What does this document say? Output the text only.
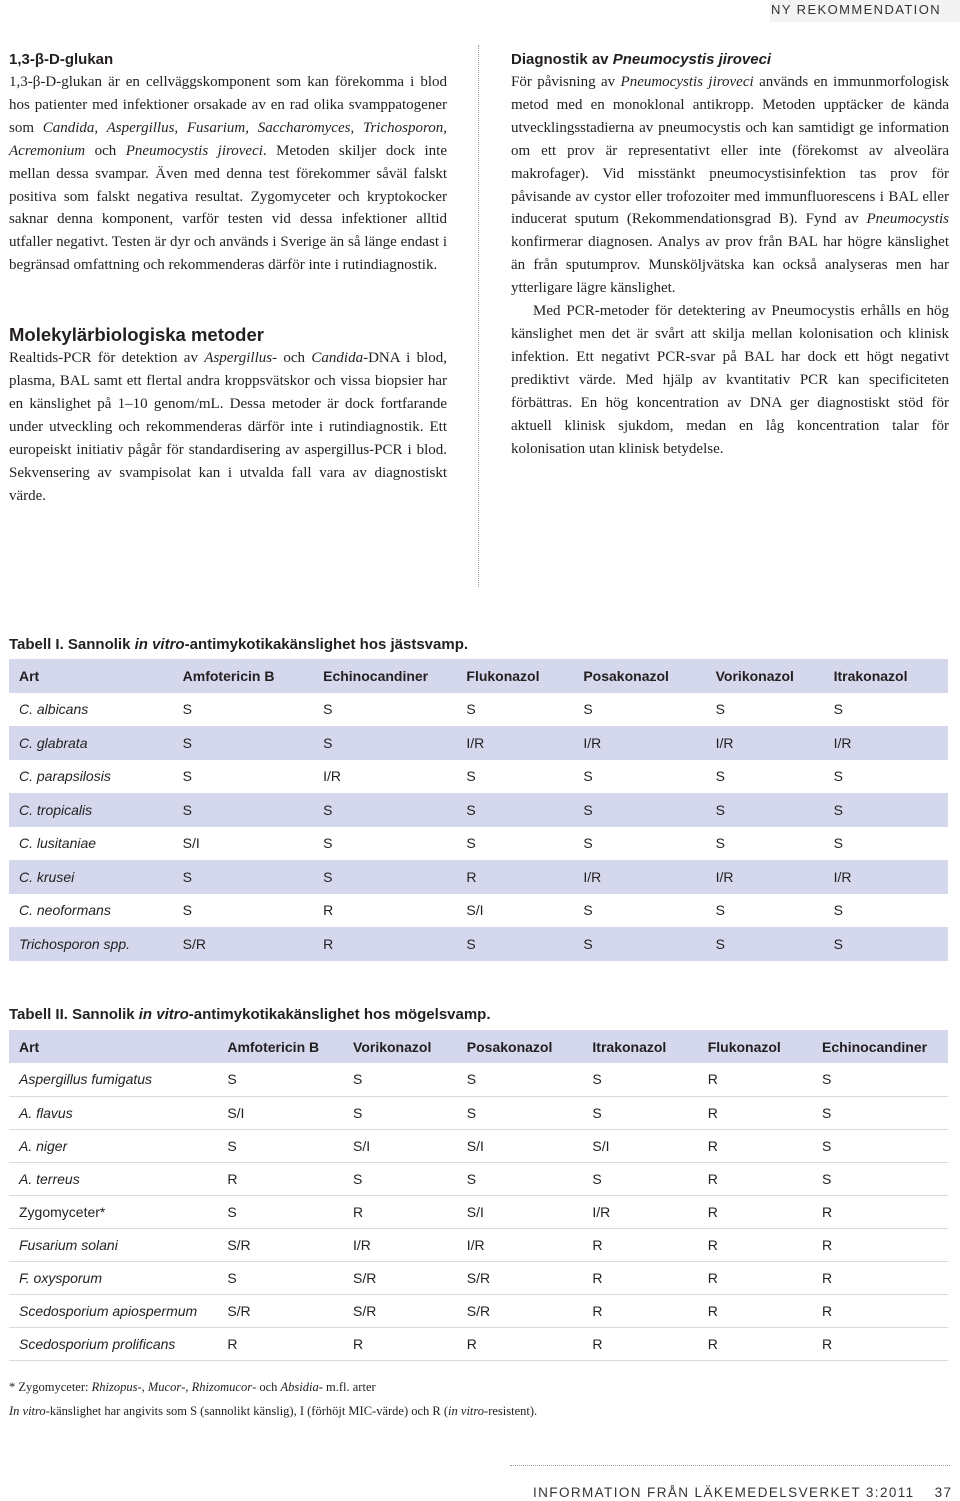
NY REKOMMENDATION
1,3-β-D-glukan

1,3-β-D-glukan är en cellväggskomponent som kan förekomma i blod hos patienter med infektioner orsakade av en rad olika svamppatogener som Candida, Aspergillus, Fusarium, Saccharomyces, Trichosporon, Acremonium och Pneumocystis jiroveci. Metoden skiljer dock inte mellan dessa svampar. Även med denna test förekommer såväl falskt positiva som falskt negativa resultat. Zygomyceter och kryptokocker saknar denna komponent, varför testen vid dessa infektioner alltid utfaller negativt. Testen är dyr och används i Sverige än så länge endast i begränsad omfattning och rekommenderas därför inte i rutindiagnostik.

Molekylärbiologiska metoder

Realtids-PCR för detektion av Aspergillus- och Candida-DNA i blod, plasma, BAL samt ett flertal andra kroppsvätskor och vissa biopsier har en känslighet på 1–10 genom/mL. Dessa metoder är dock fortfarande under utveckling och rekommenderas därför inte i rutindiagnostik. Ett europeiskt initiativ pågår för standardisering av aspergillus-PCR i blod. Sekvensering av svampisolat kan i utvalda fall vara av diagnostiskt värde.

Diagnostik av Pneumocystis jiroveci

För påvisning av Pneumocystis jiroveci används en immunmorfologisk metod med en monoklonal antikropp. Metoden upptäcker de kända utvecklingsstadierna av pneumocystis och kan samtidigt ge information om ett prov är representativt eller inte (förekomst av alveolära makrofager). Vid misstänkt pneumocystisinfektion tas prov för påvisande av cystor eller trofozoiter med immunfluorescens i BAL eller inducerat sputum (Rekommendationsgrad B). Fynd av Pneumocystis konfirmerar diagnosen. Analys av prov från BAL har högre känslighet än från sputumprov. Munsköljvätska kan också analyseras men har ytterligare lägre känslighet.

Med PCR-metoder för detektering av Pneumocystis erhålls en hög känslighet men det är svårt att skilja mellan kolonisation och klinisk infektion. Ett negativt PCR-svar på BAL har dock ett högt negativt prediktivt värde. Med hjälp av kvantitativ PCR kan specificiteten förbättras. En hög koncentration av DNA ger diagnostiskt stöd för aktuell klinisk sjukdom, medan en låg koncentration talar för kolonisation utan klinisk betydelse.

Tabell I. Sannolik in vitro-antimykotikakänslighet hos jästsvamp.
Art	Amfotericin B	Echinocandiner	Flukonazol	Posakonazol	Vorikonazol	Itrakonazol
C. albicans	S	S	S	S	S	S
C. glabrata	S	S	I/R	I/R	I/R	I/R
C. parapsilosis	S	I/R	S	S	S	S
C. tropicalis	S	S	S	S	S	S
C. lusitaniae	S/I	S	S	S	S	S
C. krusei	S	S	R	I/R	I/R	I/R
C. neoformans	S	R	S/I	S	S	S
Trichosporon spp.	S/R	R	S	S	S	S
Tabell II. Sannolik in vitro-antimykotikakänslighet hos mögelsvamp.
Art	Amfotericin B	Vorikonazol	Posakonazol	Itrakonazol	Flukonazol	Echinocandiner
Aspergillus fumigatus	S	S	S	S	R	S
A. flavus	S/I	S	S	S	R	S
A. niger	S	S/I	S/I	S/I	R	S
A. terreus	R	S	S	S	R	S
Zygomyceter*	S	R	S/I	I/R	R	R
Fusarium solani	S/R	I/R	I/R	R	R	R
F. oxysporum	S	S/R	S/R	R	R	R
Scedosporium apiospermum	S/R	S/R	S/R	R	R	R
Scedosporium prolificans	R	R	R	R	R	R
* Zygomyceter: Rhizopus-, Mucor-, Rhizomucor- och Absidia- m.fl. arter
In vitro-känslighet har angivits som S (sannolikt känslig), I (förhöjt MIC-värde) och R (in vitro-resistent).
INFORMATION FRÅN LÄKEMEDELSVERKET 3:2011 37
